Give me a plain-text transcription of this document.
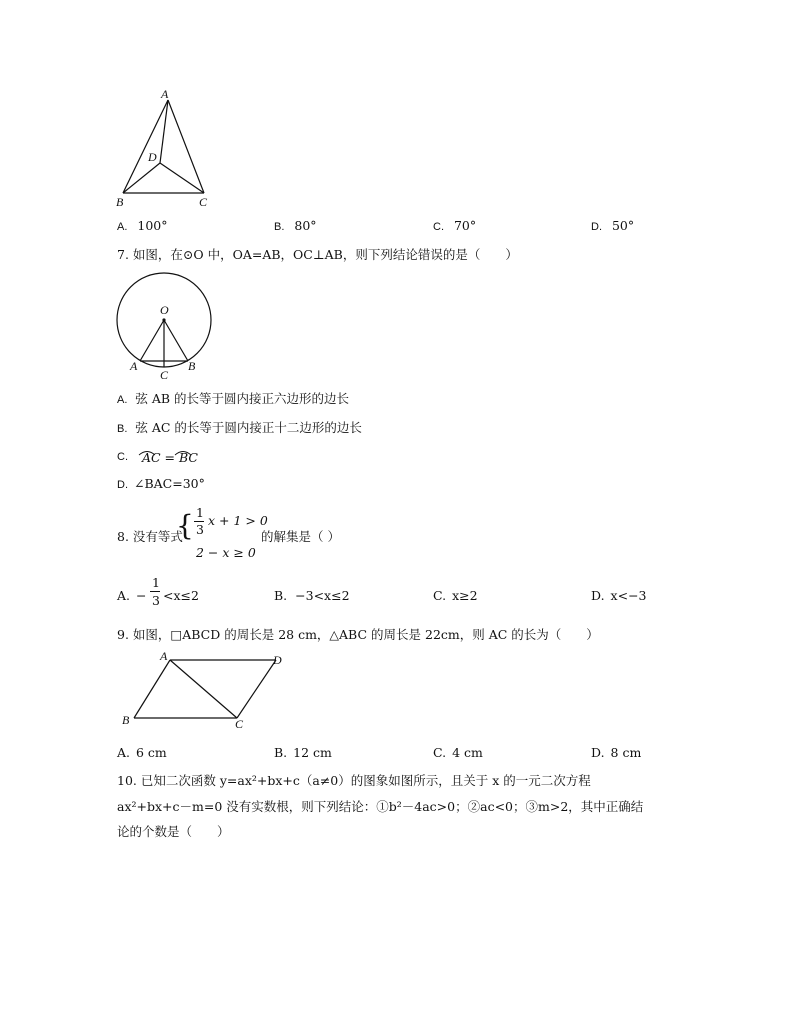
A
D
B	C
A. 100°	B. 80°	C. 70°	D. 50°
7. 如图，在⊙O 中，OA=AB，OC⊥AB，则下列结论错误的是（　　）
O
A	B
C
A. 弦 AB 的长等于圆内接正六边形的边长
B. 弦 AC 的长等于圆内接正十二边形的边长
C. AC = BC
D. ∠BAC=30°
8. 没有等式
{ 1
3
x + 1 > 0
2 − x ≥ 0
的解集是（ ）
A. −
1
3 <x≤2	B. −3<x≤2	C. x≥2	D. x<−3
9. 如图，□ABCD 的周长是 28 cm，△ABC 的周长是 22cm，则 AC 的长为（　　）
A	D
B	C
A. 6 cm	B. 12 cm	C. 4 cm	D. 8 cm
10. 已知二次函数 y=ax²+bx+c（a≠0）的图象如图所示，且关于 x 的一元二次方程
ax²+bx+c－m=0 没有实数根，则下列结论：①b²－4ac>0；②ac<0；③m>2，其中正确结
论的个数是（　　）
